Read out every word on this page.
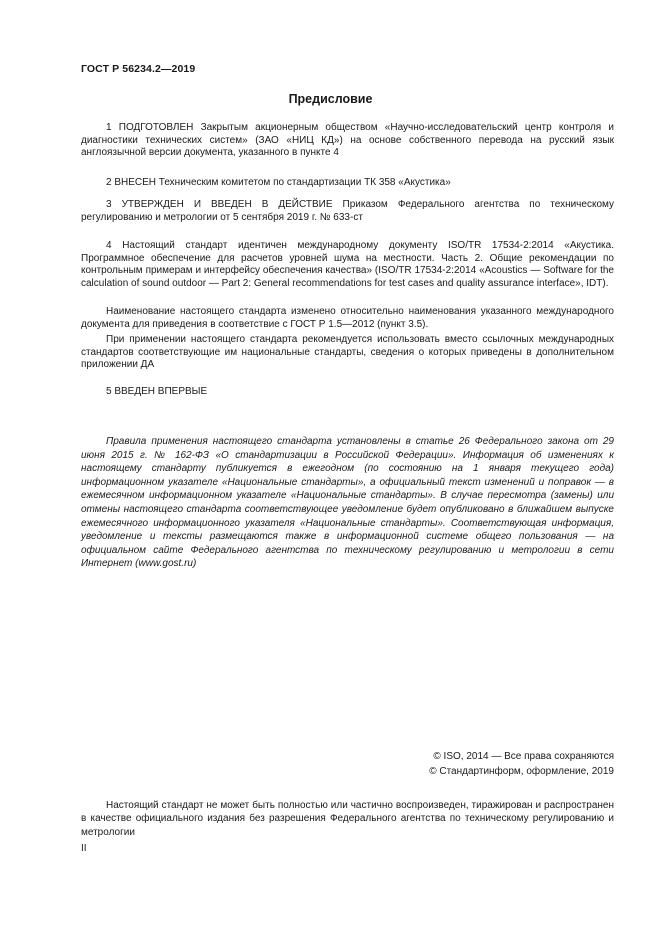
ГОСТ Р 56234.2—2019
Предисловие

1 ПОДГОТОВЛЕН Закрытым акционерным обществом «Научно-исследовательский центр контроля и диагностики технических систем» (ЗАО «НИЦ КД») на основе собственного перевода на русский язык англоязычной версии документа, указанного в пункте 4

2 ВНЕСЕН Техническим комитетом по стандартизации ТК 358 «Акустика»

3 УТВЕРЖДЕН И ВВЕДЕН В ДЕЙСТВИЕ Приказом Федерального агентства по техническому регулированию и метрологии от 5 сентября 2019 г. № 633-ст

4 Настоящий стандарт идентичен международному документу ISO/TR 17534-2:2014 «Акустика. Программное обеспечение для расчетов уровней шума на местности. Часть 2. Общие рекомендации по контрольным примерам и интерфейсу обеспечения качества» (ISO/TR 17534-2:2014 «Acoustics — Software for the calculation of sound outdoor — Part 2: General recommendations for test cases and quality assurance interface», IDT).

Наименование настоящего стандарта изменено относительно наименования указанного международного документа для приведения в соответствие с ГОСТ Р 1.5—2012 (пункт 3.5).

При применении настоящего стандарта рекомендуется использовать вместо ссылочных международных стандартов соответствующие им национальные стандарты, сведения о которых приведены в дополнительном приложении ДА

5 ВВЕДЕН ВПЕРВЫЕ

Правила применения настоящего стандарта установлены в статье 26 Федерального закона от 29 июня 2015 г. № 162-ФЗ «О стандартизации в Российской Федерации». Информация об изменениях к настоящему стандарту публикуется в ежегодном (по состоянию на 1 января текущего года) информационном указателе «Национальные стандарты», а официальный текст изменений и поправок — в ежемесячном информационном указателе «Национальные стандарты». В случае пересмотра (замены) или отмены настоящего стандарта соответствующее уведомление будет опубликовано в ближайшем выпуске ежемесячного информационного указателя «Национальные стандарты». Соответствующая информация, уведомление и тексты размещаются также в информационной системе общего пользования — на официальном сайте Федерального агентства по техническому регулированию и метрологии в сети Интернет (www.gost.ru)
© ISO, 2014 — Все права сохраняются
© Стандартинформ, оформление, 2019
Настоящий стандарт не может быть полностью или частично воспроизведен, тиражирован и распространен в качестве официального издания без разрешения Федерального агентства по техническому регулированию и метрологии
II
